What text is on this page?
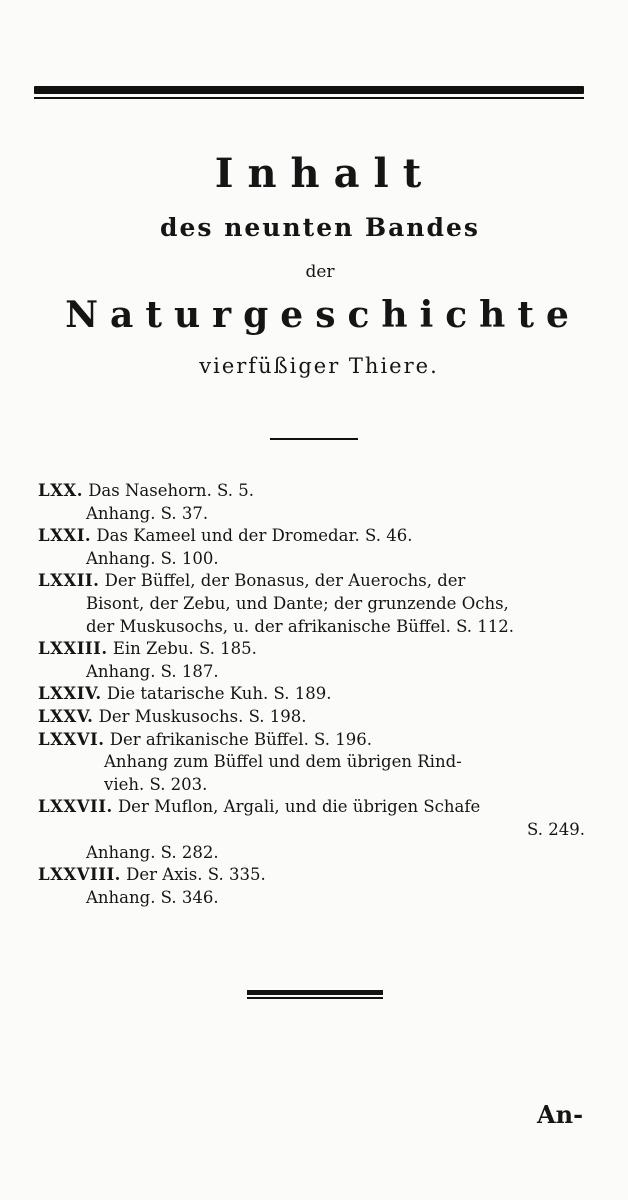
Inhalt
des neunten Bandes
der
Naturgeschichte
vierfüßiger Thiere.
LXX. Das Nasehorn. S. 5.
Anhang. S. 37.
LXXI. Das Kameel und der Dromedar. S. 46.
Anhang. S. 100.
LXXII. Der Büffel, der Bonasus, der Auerochs, der
Bisont, der Zebu, und Dante; der grunzende Ochs,
der Muskusochs, u. der afrikanische Büffel. S. 112.
LXXIII. Ein Zebu. S. 185.
Anhang. S. 187.
LXXIV. Die tatarische Kuh. S. 189.
LXXV. Der Muskusochs. S. 198.
LXXVI. Der afrikanische Büffel. S. 196.
Anhang zum Büffel und dem übrigen Rind-
vieh. S. 203.
LXXVII. Der Muflon, Argali, und die übrigen Schafe
S. 249.
Anhang. S. 282.
LXXVIII. Der Axis. S. 335.
Anhang. S. 346.
An-
